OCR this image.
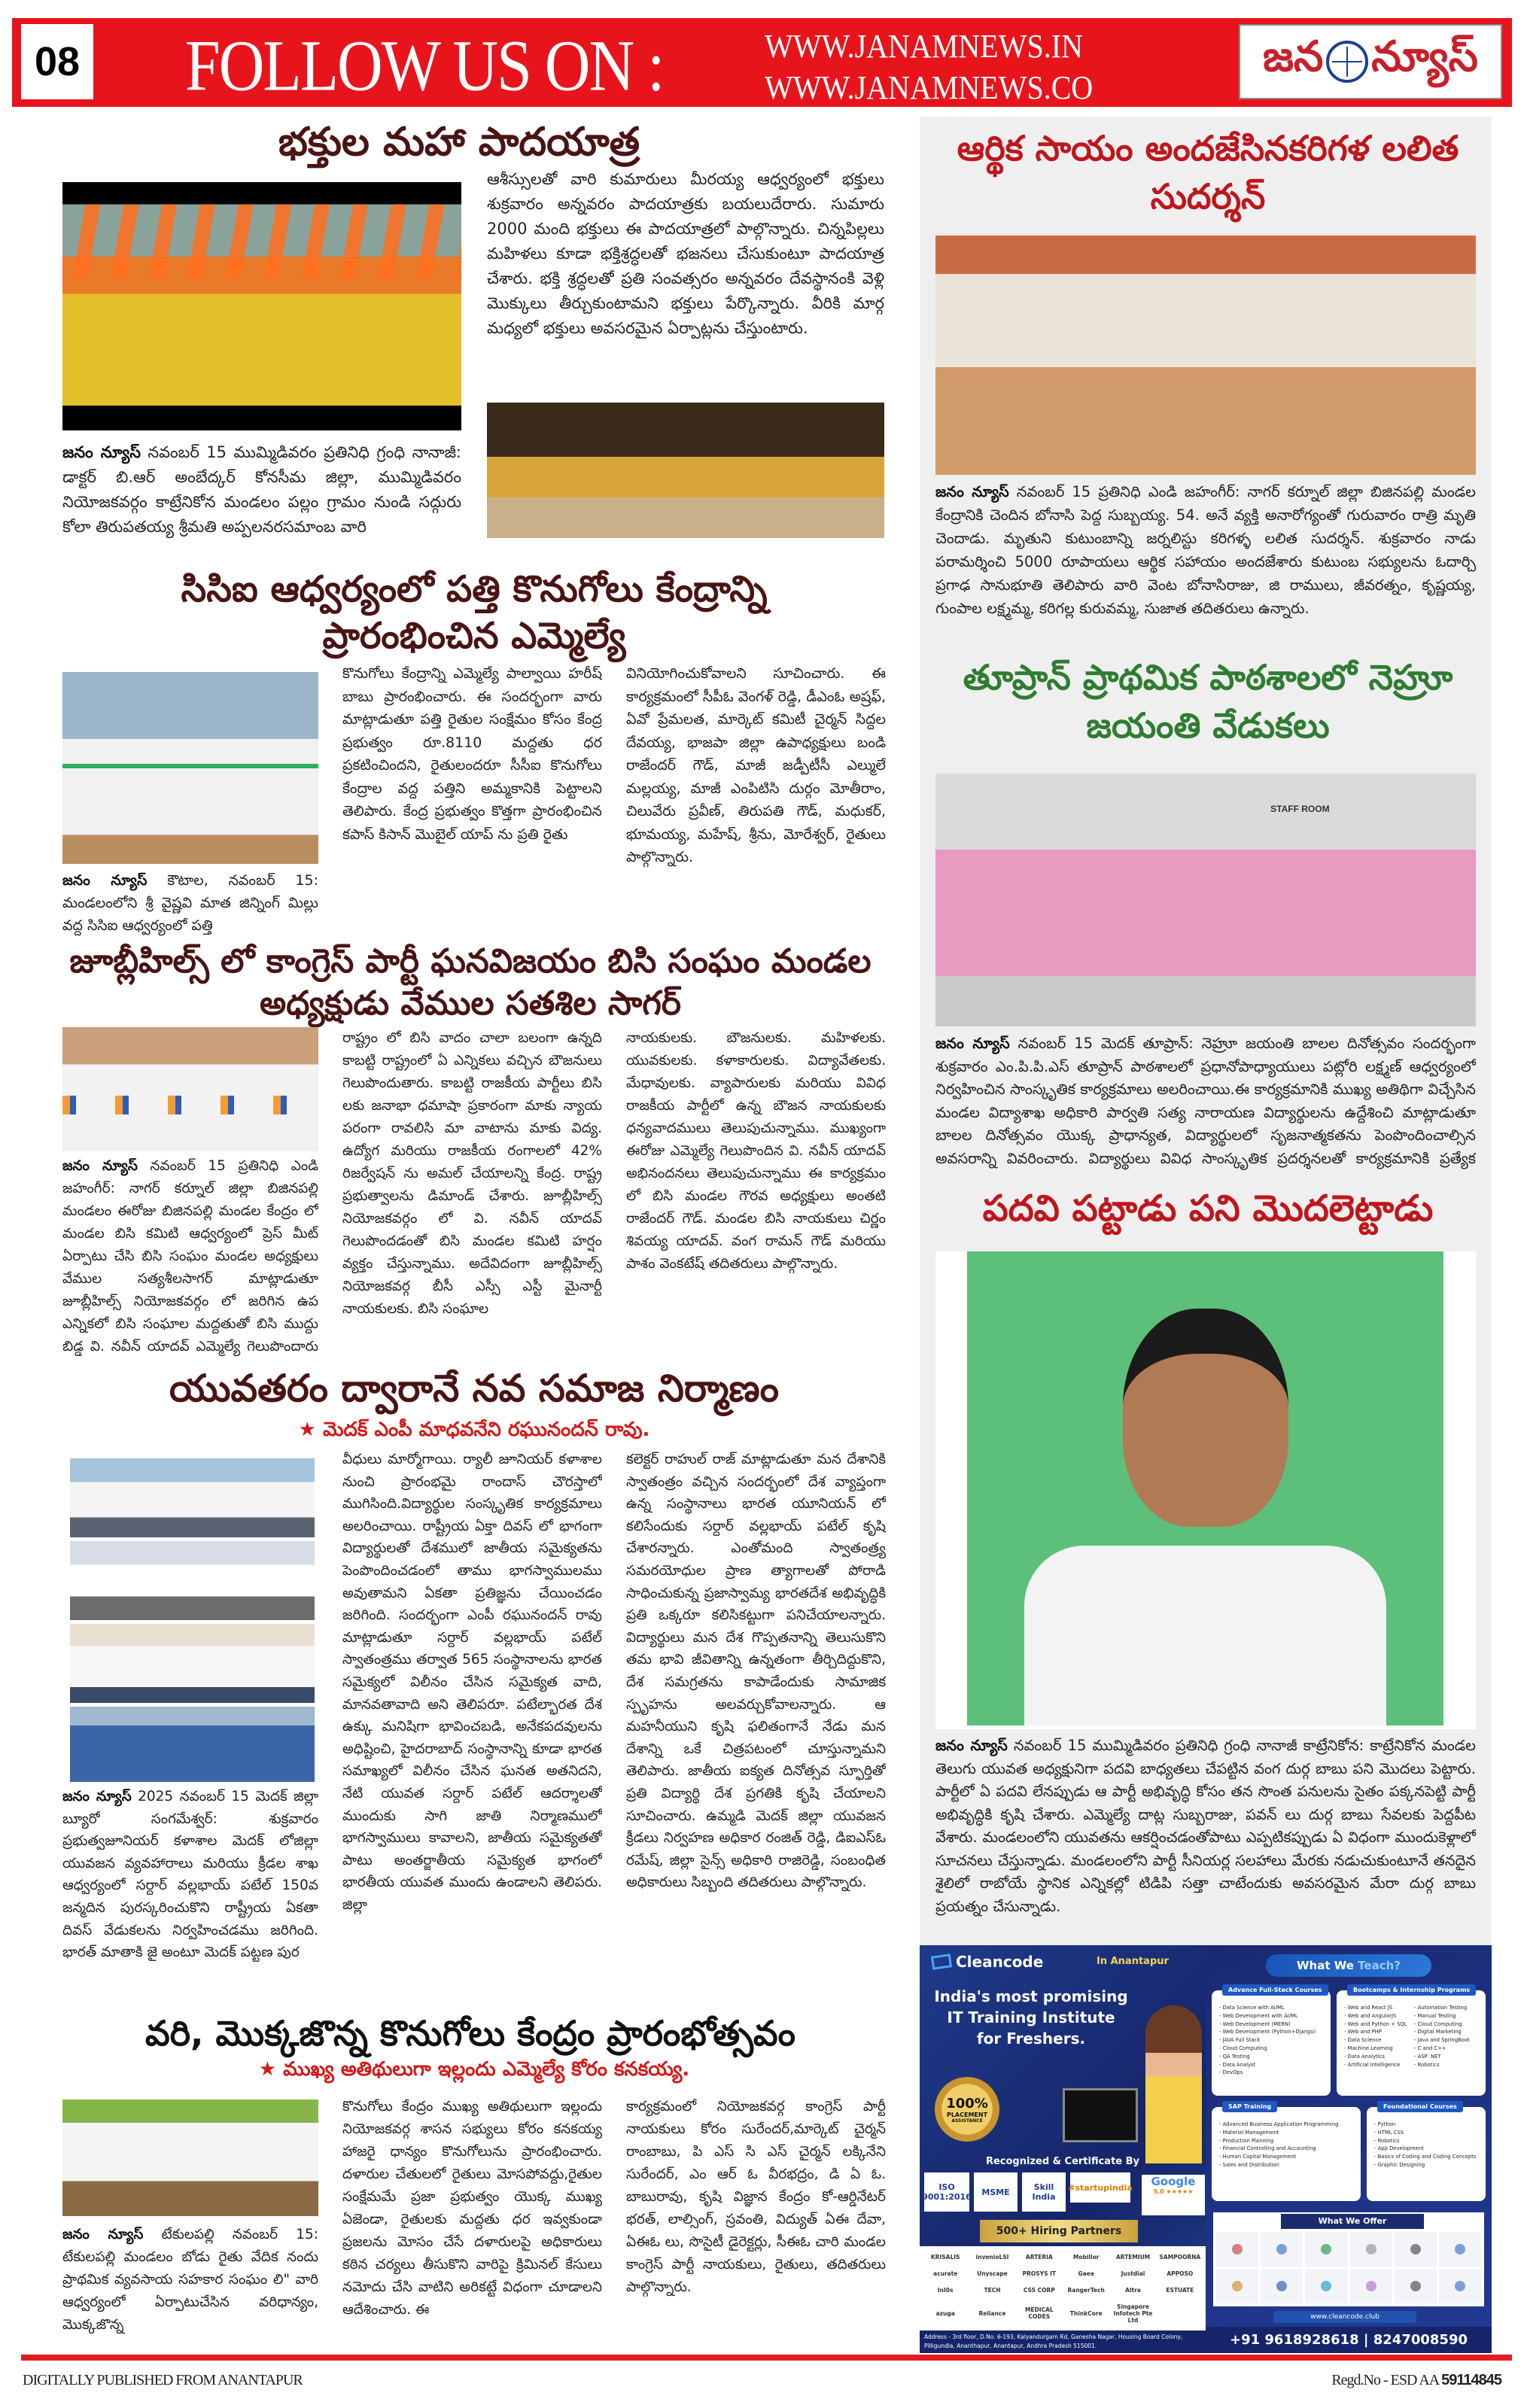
08 FOLLOW US ON :	WWW.JANAMNEWS.IN
WWW.JANAMNEWS.CO
జన న్యూస్
భక్తుల మహా పాదయాత్ర
జనం న్యూస్ నవంబర్ 15 ముమ్మిడివరం ప్రతినిధి గ్రంధి నానాజీ: డాక్టర్ బి.ఆర్ అంబేద్కర్ కోనసీమ జిల్లా, ముమ్మిడివరం నియోజకవర్గం కాట్రేనికోన మండలం పల్లం గ్రామం నుండి సద్గురు కోలా తిరుపతయ్య శ్రీమతి అప్పలనరసమాంబ వారి
ఆశీస్సులతో వారి కుమారులు మీరయ్య ఆధ్వర్యంలో భక్తులు శుక్రవారం అన్నవరం పాదయాత్రకు బయలుదేరారు. సుమారు 2000 మంది భక్తులు ఈ పాదయాత్రలో పాల్గొన్నారు. చిన్నపిల్లలు మహిళలు కూడా భక్తిశ్రద్ధలతో భజనలు చేసుకుంటూ పాదయాత్ర చేశారు. భక్తి శ్రద్ధలతో ప్రతి సంవత్సరం అన్నవరం దేవస్థానంకి వెళ్లి మొక్కులు తీర్చుకుంటామని భక్తులు పేర్కొన్నారు. వీరికి మార్గ మధ్యలో భక్తులు అవసరమైన ఏర్పాట్లను చేస్తుంటారు.
సిసిఐ ఆధ్వర్యంలో పత్తి కొనుగోలు కేంద్రాన్ని ప్రారంభించిన ఎమ్మెల్యే
జనం న్యూస్ కౌటాల, నవంబర్ 15: మండలంలోని శ్రీ వైష్ణవి మాత జిన్నింగ్ మిల్లు వద్ద సిసిఐ ఆధ్వర్యంలో పత్తి
కొనుగోలు కేంద్రాన్ని ఎమ్మెల్యే పాల్వాయి హరీష్ బాబు ప్రారంభించారు. ఈ సందర్భంగా వారు మాట్లాడుతూ పత్తి రైతుల సంక్షేమం కోసం కేంద్ర ప్రభుత్వం రూ.8110 మద్దతు ధర ప్రకటించిందని, రైతులందరూ సీసీఐ కొనుగోలు కేంద్రాల వద్ద పత్తిని అమ్మకానికి పెట్టాలని తెలిపారు. కేంద్ర ప్రభుత్వం కొత్తగా ప్రారంభించిన కపాస్ కిసాన్ మొబైల్ యాప్ ను ప్రతి రైతు
వినియోగించుకోవాలని సూచించారు. ఈ కార్యక్రమంలో సీపీఓ వెంగళ్ రెడ్డి, డీఎంఓ అష్రఫ్, ఏవో ప్రేమలత, మార్కెట్ కమిటీ చైర్మన్ సిద్దల దేవయ్య, భాజపా జిల్లా ఉపాధ్యక్షులు బండి రాజేందర్ గౌడ్, మాజీ జడ్పీటీసీ ఎల్ములే మల్లయ్య, మాజీ ఎంపిటిసి దుర్గం మోతీరాం, చిలువేరు ప్రవీణ్, తిరుపతి గౌడ్, మధుకర్, భూమయ్య, మహేష్, శ్రీను, మోరేశ్వర్, రైతులు పాల్గొన్నారు.
జూబ్లీహిల్స్ లో కాంగ్రెస్ పార్టీ ఘనవిజయం బిసి సంఘం మండల అధ్యక్షుడు వేముల సతశిల సాగర్
జనం న్యూస్ నవంబర్ 15 ప్రతినిధి ఎండి జహంగీర్: నాగర్ కర్నూల్ జిల్లా బిజినపల్లి మండలం ఈరోజు బిజినపల్లి మండల కేంద్రం లో మండల బిసి కమిటి ఆధ్వర్యంలో ప్రెస్ మీట్ ఏర్పాటు చేసి బిసి సంఘం మండల అధ్యక్షులు వేముల సత్యశీలసాగర్ మాట్లాడుతూ జూబ్లీహిల్స్ నియోజకవర్గం లో జరిగిన ఉప ఎన్నికలో బిసి సంఘాల మద్దతుతో బిసి ముద్దు బిడ్డ వి. నవీన్ యాదవ్ ఎమ్మెల్యే గెలుపొందారు
రాష్ట్రం లో బిసి వాదం చాలా బలంగా ఉన్నది కాబట్టి రాష్ట్రంలో ఏ ఎన్నికలు వచ్చిన బౌజనులు గెలుపొందుతారు. కాబట్టి రాజకీయ పార్టీలు బిసి లకు జనాభా ధమాషా ప్రకారంగా మాకు న్యాయ పరంగా రావలిసి మా వాటాను మాకు విద్య. ఉద్యోగ మరియు రాజకీయ రంగాలలో 42% రిజర్వేషన్ ను అమల్ చేయాలన్ని కేంద్ర. రాష్ట్ర ప్రభుత్వాలను డిమాండ్ చేశారు. జూబ్లీహిల్స్ నియోజకవర్గం లో వి. నవీన్ యాదవ్ గెలుపొందడంతో బిసి మండల కమిటి హర్షం వ్యక్తం చేస్తున్నాము. అదేవిదంగా జూబ్లీహిల్స్ నియోజకవర్గ బీసీ ఎస్సీ ఎస్టీ మైనార్టీ నాయకులకు. బిసి సంఘాల
నాయకులకు. బౌజనులకు. మహిళలకు. యువకులకు. కళాకారులకు. విద్యావేతలకు. మేధావులకు. వ్యాపారులకు మరియు వివిధ రాజకీయ పార్టీలో ఉన్న బౌజన నాయకులకు ధన్యవాదములు తెలుపుచున్నాము. ముఖ్యంగా ఈరోజు ఎమ్మెల్యే గెలుపొందిన వి. నవీన్ యాదవ్ అభినందనలు తెలుపుచున్నాము ఈ కార్యక్రమం లో బిసి మండల గౌరవ అధ్యక్షులు అంతటి రాజేందర్ గౌడ్. మండల బిసి నాయకులు చిర్ణం శివయ్య యాదవ్. వంగ రామన్ గౌడ్ మరియు పాశం వెంకటేష్ తదితరులు పాల్గొన్నారు.
యువతరం ద్వారానే నవ సమాజ నిర్మాణం
★ మెదక్ ఎంపీ మాధవనేని రఘునందన్ రావు.
జనం న్యూస్ 2025 నవంబర్ 15 మెదక్ జిల్లా బ్యూరో సంగమేశ్వర్: శుక్రవారం ప్రభుత్వజూనియర్ కళాశాల మెదక్ లోజిల్లా యువజన వ్యవహారాలు మరియు క్రీడల శాఖ ఆధ్వర్యంలో సర్దార్ వల్లభాయ్ పటేల్ 150వ జన్మదిన పురస్కరించుకొని రాష్ట్రీయ ఏకతా దివస్ వేడుకలను నిర్వహించడము జరిగింది. భారత్ మాతాకి జై అంటూ మెదక్ పట్టణ పుర
వీధులు మార్మోగాయి. ర్యాలీ జూనియర్ కళాశాల నుంచి ప్రారంభమై రాందాస్ చౌరస్తాలో ముగిసింది.విద్యార్థుల సంస్కృతిక కార్యక్రమాలు అలరించాయి. రాష్ట్రీయ ఏక్తా దివస్ లో భాగంగా విద్యార్థులతో దేశములో జాతీయ సమైక్యతను పెంపొందించడంలో తాము భాగస్వాములము అవుతామని ఏకతా ప్రతిజ్ఞను చేయించడం జరిగింది. సందర్భంగా ఎంపీ రఘునందన్ రావు మాట్లాడుతూ సర్దార్ వల్లభాయ్ పటేల్ స్వాతంత్రము తర్వాత 565 సంస్థానాలను భారత సమైక్యలో విలీనం చేసిన సమైక్యత వాది, మానవతావాది అని తెలిపరూ. పటేల్భారత దేశ ఉక్కు మనిషిగా భావించబడి, అనేకపదవులను అధిష్టించి, హైదరాబాద్ సంస్థానాన్ని కూడా భారత సమాఖ్యలో విలీనం చేసిన ఘనత అతనిదని, నేటి యువత సర్దార్ పటేల్ ఆదర్శాలతో ముందుకు సాగి జాతి నిర్మాణములో భాగస్వాములు కావాలని, జాతీయ సమైక్యతతో పాటు అంతర్జాతీయ సమైక్యత భాగంలో భారతీయ యువత ముందు ఉండాలని తెలిపరు. జిల్లా
కలెక్టర్ రాహుల్ రాజ్ మాట్లాడుతూ మన దేశానికి స్వాతంత్రం వచ్చిన సందర్భంలో దేశ వ్యాప్తంగా ఉన్న సంస్థానాలు భారత యూనియన్ లో కలిసేందుకు సర్దార్ వల్లభాయ్ పటేల్ కృషి చేశారన్నారు. ఎంతోమంది స్వాతంత్ర్య సమరయోధుల ప్రాణ త్యాగాలతో పోరాడి సాధించుకున్న ప్రజాస్వామ్య భారతదేశ అభివృద్ధికి ప్రతి ఒక్కరూ కలిసికట్టుగా పనిచేయాలన్నారు. విద్యార్థులు మన దేశ గొప్పతనాన్ని తెలుసుకొని తమ భావి జీవితాన్ని ఉన్నతంగా తీర్చిదిద్దుకొని, దేశ సమగ్రతను కాపాడేందుకు సామాజిక స్పృహను అలవర్చుకోవాలన్నారు. ఆ మహనీయుని కృషి ఫలితంగానే నేడు మన దేశాన్ని ఒకే చిత్రపటంలో చూస్తున్నామని తెలిపారు. జాతీయ ఐక్యత దినోత్సవ స్ఫూర్తితో ప్రతి విద్యార్థి దేశ ప్రగతికి కృషి చేయాలని సూచించారు. ఉమ్మడి మెదక్ జిల్లా యువజన క్రీడలు నిర్వహణ అధికార రంజిత్ రెడ్డి, డిఐఎస్ఓ రమేష్, జిల్లా సైన్స్ అధికారి రాజిరెడ్డి, సంబంధిత అధికారులు సిబ్బంది తదితరులు పాల్గొన్నారు.
వరి, మొక్కజొన్న కొనుగోలు కేంద్రం ప్రారంభోత్సవం
★ ముఖ్య అతిథులుగా ఇల్లందు ఎమ్మెల్యే కోరం కనకయ్య.
జనం న్యూస్ టేకులపల్లి నవంబర్ 15: టేకులపల్లి మండలం బోడు రైతు వేదిక నందు ప్రాథమిక వ్యవసాయ సహకార సంఘం లి" వారి ఆధ్వర్యంలో ఏర్పాటుచేసిన వరిధాన్యం, మొక్కజొన్న
కొనుగోలు కేంద్రం ముఖ్య అతిథులుగా ఇల్లందు నియోజకవర్గ శాసన సభ్యులు కోరం కనకయ్య హాజరై ధాన్యం కొనుగోలును ప్రారంభించారు. దళారుల చేతులలో రైతులు మోసపోవద్దు,రైతుల సంక్షేమమే ప్రజా ప్రభుత్వం యొక్క ముఖ్య ఏజెండా, రైతులకు మద్దతు ధర ఇవ్వకుండా ప్రజలను మోసం చేసే దళారులపై అధికారులు కఠిన చర్యలు తీసుకొని వారిపై క్రిమినల్ కేసులు నమోదు చేసి వాటిని అరికట్టే విధంగా చూడాలని ఆదేశించారు. ఈ
కార్యక్రమంలో నియోజకవర్గ కాంగ్రెస్ పార్టీ నాయకులు కోరం సురేందర్,మార్కెట్ చైర్మన్ రాంబాబు, పి ఎస్ సి ఎస్ చైర్మన్ లక్కినేని సురేందర్, ఎం ఆర్ ఓ వీరభద్రం, డి ఏ ఓ. బాబురావు, కృషి విజ్ఞాన కేంద్రం కో-ఆర్డినేటర్ భరత్, లాల్సింగ్, స్రవంతి, విద్యుత్ ఏఈ దేవా, ఏఈఓ లు, సొసైటీ డైరెక్టర్లు, సీఈఓ చారి మండల కాంగ్రెస్ పార్టీ నాయకులు, రైతులు, తదితరులు పాల్గొన్నారు.
ఆర్థిక సాయం అందజేసినకరిగళ లలిత సుదర్శన్
జనం న్యూస్ నవంబర్ 15 ప్రతినిధి ఎండి జహంగీర్: నాగర్ కర్నూల్ జిల్లా బిజినపల్లి మండల కేంద్రానికి చెందిన బోనాసి పెద్ద సుబ్బయ్య. 54. అనే వ్యక్తి అనారోగ్యంతో గురువారం రాత్రి మృతి చెందాడు. మృతుని కుటుంబాన్ని జర్నలిస్టు కరిగళ్ళ లలిత సుదర్శన్. శుక్రవారం నాడు పరామర్శించి 5000 రూపాయలు ఆర్థిక సహాయం అందజేశారు కుటుంబ సభ్యులను ఓదార్చి ప్రగాఢ సానుభూతి తెలిపారు వారి వెంట బోనాసిరాజు, జి రాములు, జీవరత్నం, కృష్ణయ్య, గుంపాల లక్ష్మమ్మ, కరిగల్ల కురువమ్మ, సుజాత తదితరులు ఉన్నారు.
తూప్రాన్ ప్రాథమిక పాఠశాలలో నెహ్రూ జయంతి వేడుకలు
STAFF ROOM
జనం న్యూస్ నవంబర్ 15 మెదక్ తూప్రాన్: నెహ్రూ జయంతి బాలల దినోత్సవం సందర్భంగా శుక్రవారం ఎం.పి.పి.ఎస్ తూప్రాన్ పాఠశాలలో ప్రధానోపాధ్యాయులు పట్లోరి లక్ష్మణ్ ఆధ్వర్యంలో నిర్వహించిన సాంస్కృతిక కార్యక్రమాలు అలరించాయి.ఈ కార్యక్రమానికి ముఖ్య అతిథిగా విచ్చేసిన మండల విద్యాశాఖ అధికారి పార్వతి సత్య నారాయణ విద్యార్థులను ఉద్దేశించి మాట్లాడుతూ బాలల దినోత్సవం యొక్క ప్రాధాన్యత, విద్యార్థులలో సృజనాత్మకతను పెంపొందించాల్సిన అవసరాన్ని వివరించారు. విద్యార్థులు వివిధ సాంస్కృతిక ప్రదర్శనలతో కార్యక్రమానికి ప్రత్యేక
పదవి పట్టాడు పని మొదలెట్టాడు
జనం న్యూస్ నవంబర్ 15 ముమ్మిడివరం ప్రతినిధి గ్రంధి నానాజీ కాట్రేనికోన: కాట్రేనికోన మండల తెలుగు యువత అధ్యక్షునిగా పదవి బాధ్యతలు చేపట్టిన వంగ దుర్గ బాబు పని మొదలు పెట్టారు. పార్టీలో ఏ పదవి లేనప్పుడు ఆ పార్టీ అభివృద్ధి కోసం తన సొంత పనులను సైతం పక్కనపెట్టి పార్టీ అభివృద్ధికి కృషి చేశారు. ఎమ్మెల్యే దాట్ల సుబ్బరాజు, పవన్ లు దుర్గ బాబు సేవలకు పెద్దపీట వేశారు. మండలంలోని యువతను ఆకర్షించడంతోపాటు ఎప్పటికప్పుడు ఏ విధంగా ముందుకెళ్లాలో సూచనలు చేస్తున్నాడు. మండలంలోని పార్టీ సీనియర్ల సలహాలు మేరకు నడుచుకుంటూనే తనదైన శైలిలో రాబోయే స్థానిక ఎన్నికల్లో టిడిపి సత్తా చాటేందుకు అవసరమైన మేరా దుర్గ బాబు ప్రయత్నం చేసున్నాడు.
Cleancode	In Anantapur
India's most promising
IT Training Institute
for Freshers.
100%
PLACEMENT
ASSISTANCE
Recognized & Certificate By
ISO 9001:2016	MSME	Skill India
#startupindia	Google
5.0 ★★★★★
500+ Hiring Partners
KRISALIS	invenioLSI	ARTERIA	Mobillor	ARTEMIUM SAMPOORNA
acurate	Unyscape	PROSYS IT	Gaea	Justdial	APPOSO
InI0s	TECH	CSS CORP RangerTech	Altra	ESTUATE
azuga	Reliance	MEDICAL CODES	ThinkCore
Singapore Infotech Pte Ltd
Address - 3rd floor, D.No. 6-193, Kalyandurgam Rd, Ganesha Nagar, Housing Board Colony, Pilligundla, Ananthapur, Anantapur, Andhra Pradesh 515001.
What We Teach?
Advance Full-Stack Courses
- Data Science with AI/ML
- Web Development with AI/ML
- Web Development (MERN)
- Web Development (Python+Django)
- JAVA Full Stack
- Cloud Computing
- QA Testing
- Data Analyst
- DevOps
Bootcamps & Internship Programs
- Web and React JS
- Web and AngularJS
- Web and Python + SQL
- Web and PHP
- Data Science
- Machine Learning
- Data Analytics
- Artificial Intelligence
- Automation Testing
- Manual Testing
- Cloud Computing
- Digital Marketing
- Java and SpringBoot
- C and C++
- ASP .NET
- Robotics
SAP Training
- Advanced Business Application Programming
- Material Management
- Production Planning
- Financial Controlling and Accounting
- Human Capital Management
- Sales and Distribution
Foundational Courses
- Python
- HTML CSS
- Robotics
- App Development
- Basics of Coding and Coding Concepts
- Graphic Designing
What We Offer
www.cleancode.club
+91 9618928618 | 8247008590
DIGITALLY PUBLISHED FROM ANANTAPUR	Regd.No - ESD AA 59114845
